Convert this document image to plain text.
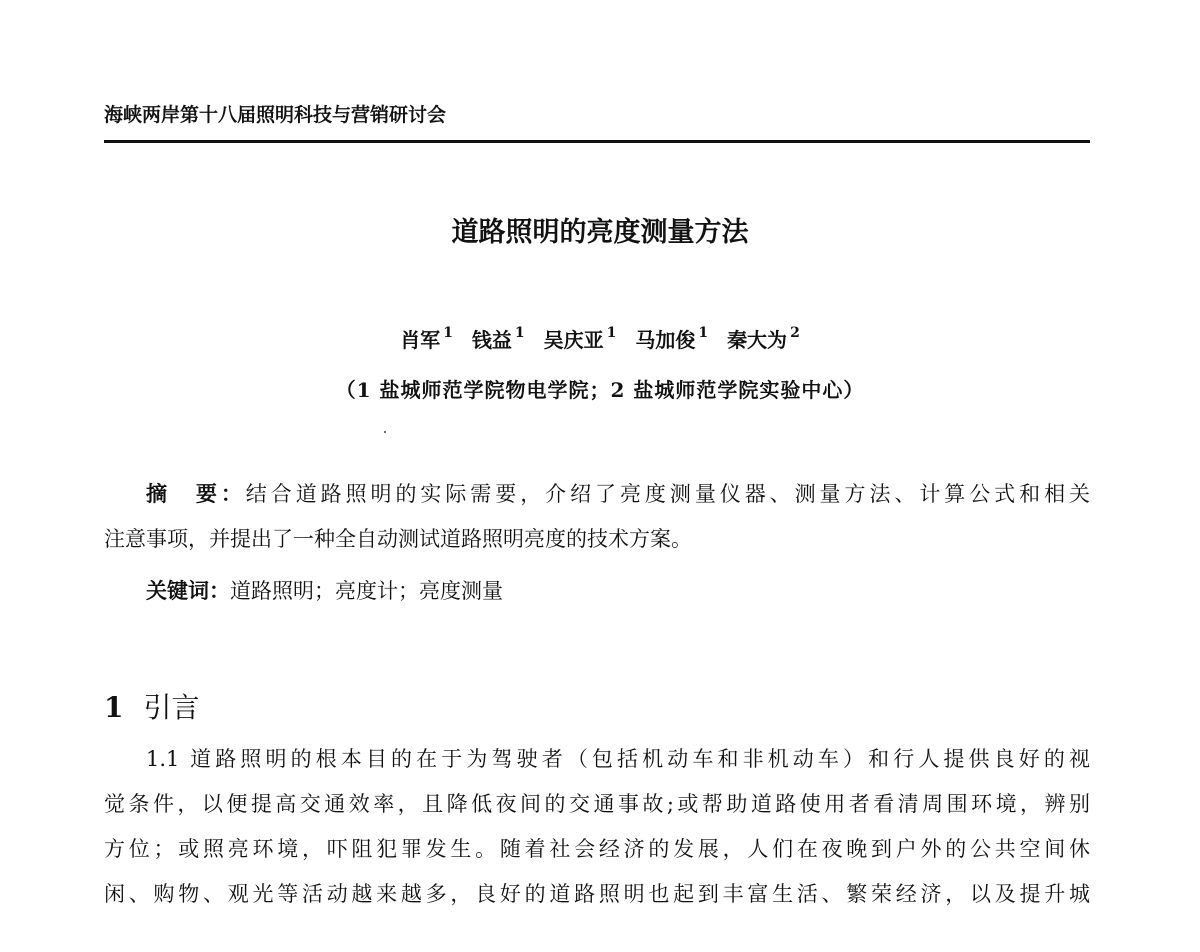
海峡两岸第十八届照明科技与营销研讨会
道路照明的亮度测量方法
肖军 $^1$ 钱益 $^1$ 吴庆亚 $^1$ 马加俊 $^1$ 秦大为 $^2$
（1 盐城师范学院物电学院；2 盐城师范学院实验中心）
摘　要：结合道路照明的实际需要，介绍了亮度测量仪器、测量方法、计算公式和相关
注意事项，并提出了一种全自动测试道路照明亮度的技术方案。
关键词：道路照明；亮度计；亮度测量
1 引言
1.1 道路照明的根本目的在于为驾驶者（包括机动车和非机动车）和行人提供良好的视
觉条件，以便提高交通效率，且降低夜间的交通事故;或帮助道路使用者看清周围环境，辨别
方位；或照亮环境，吓阻犯罪发生。随着社会经济的发展，人们在夜晚到户外的公共空间休
闲、购物、观光等活动越来越多，良好的道路照明也起到丰富生活、繁荣经济，以及提升城
